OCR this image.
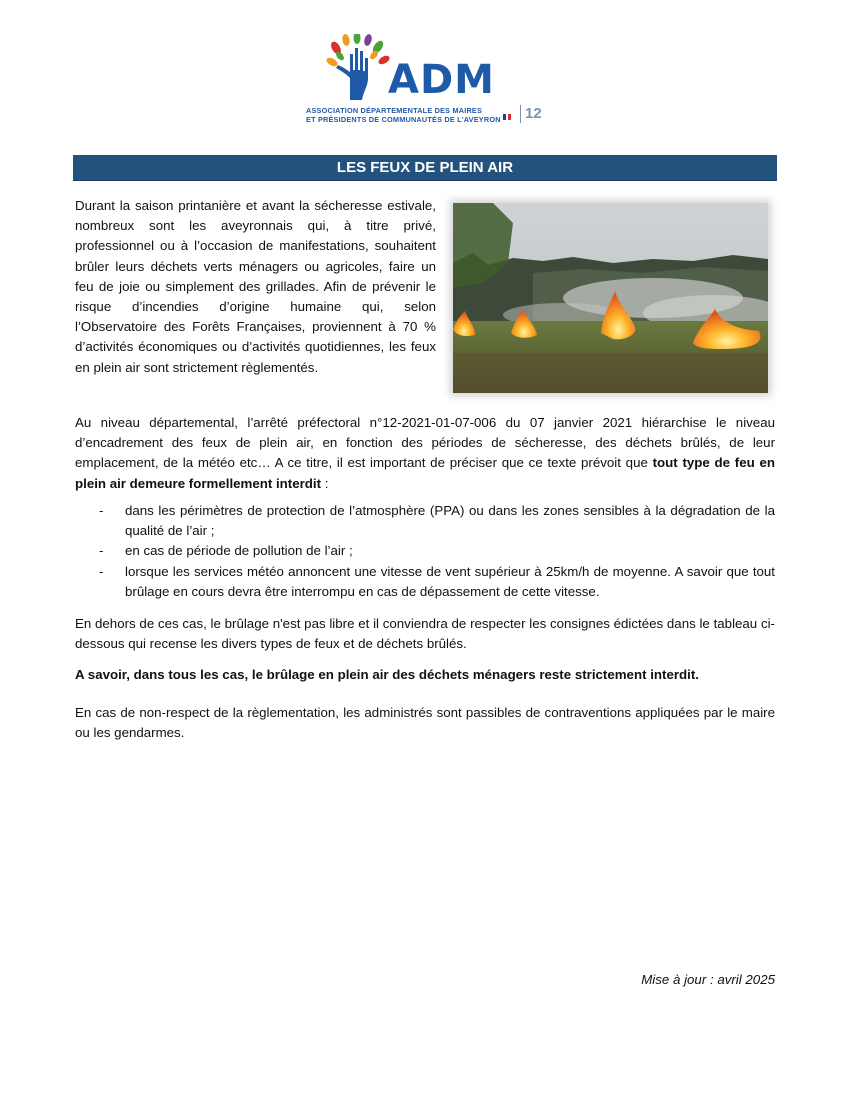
ADM
ASSOCIATION DÉPARTEMENTALE DES MAIRES
ET PRÉSIDENTS DE COMMUNAUTÉS DE L'AVEYRON	12
LES FEUX DE PLEIN AIR
Durant la saison printanière et avant la sécheresse estivale, nombreux sont les aveyronnais qui, à titre privé, professionnel ou à l’occasion de manifestations, souhaitent brûler leurs déchets verts ménagers ou agricoles, faire un feu de joie ou simplement des grillades. Afin de prévenir le risque d’incendies d’origine humaine qui, selon l’Observatoire des Forêts Françaises, proviennent à 70 % d’activités économiques ou d’activités quotidiennes, les feux en plein air sont strictement règlementés.
Au niveau départemental, l’arrêté préfectoral n°12-2021-01-07-006 du 07 janvier 2021 hiérarchise le niveau d’encadrement des feux de plein air, en fonction des périodes de sécheresse, des déchets brûlés, de leur emplacement, de la météo etc… A ce titre, il est important de préciser que ce texte prévoit que tout type de feu en plein air demeure formellement interdit :
- dans les périmètres de protection de l’atmosphère (PPA) ou dans les zones sensibles à la dégradation de la qualité de l’air ;
- en cas de période de pollution de l’air ;
- lorsque les services météo annoncent une vitesse de vent supérieur à 25km/h de moyenne. A savoir que tout brûlage en cours devra être interrompu en cas de dépassement de cette vitesse.
En dehors de ces cas, le brûlage n'est pas libre et il conviendra de respecter les consignes édictées dans le tableau ci-dessous qui recense les divers types de feux et de déchets brûlés.
A savoir, dans tous les cas, le brûlage en plein air des déchets ménagers reste strictement interdit.
En cas de non-respect de la règlementation, les administrés sont passibles de contraventions appliquées par le maire ou les gendarmes.
Mise à jour : avril 2025
